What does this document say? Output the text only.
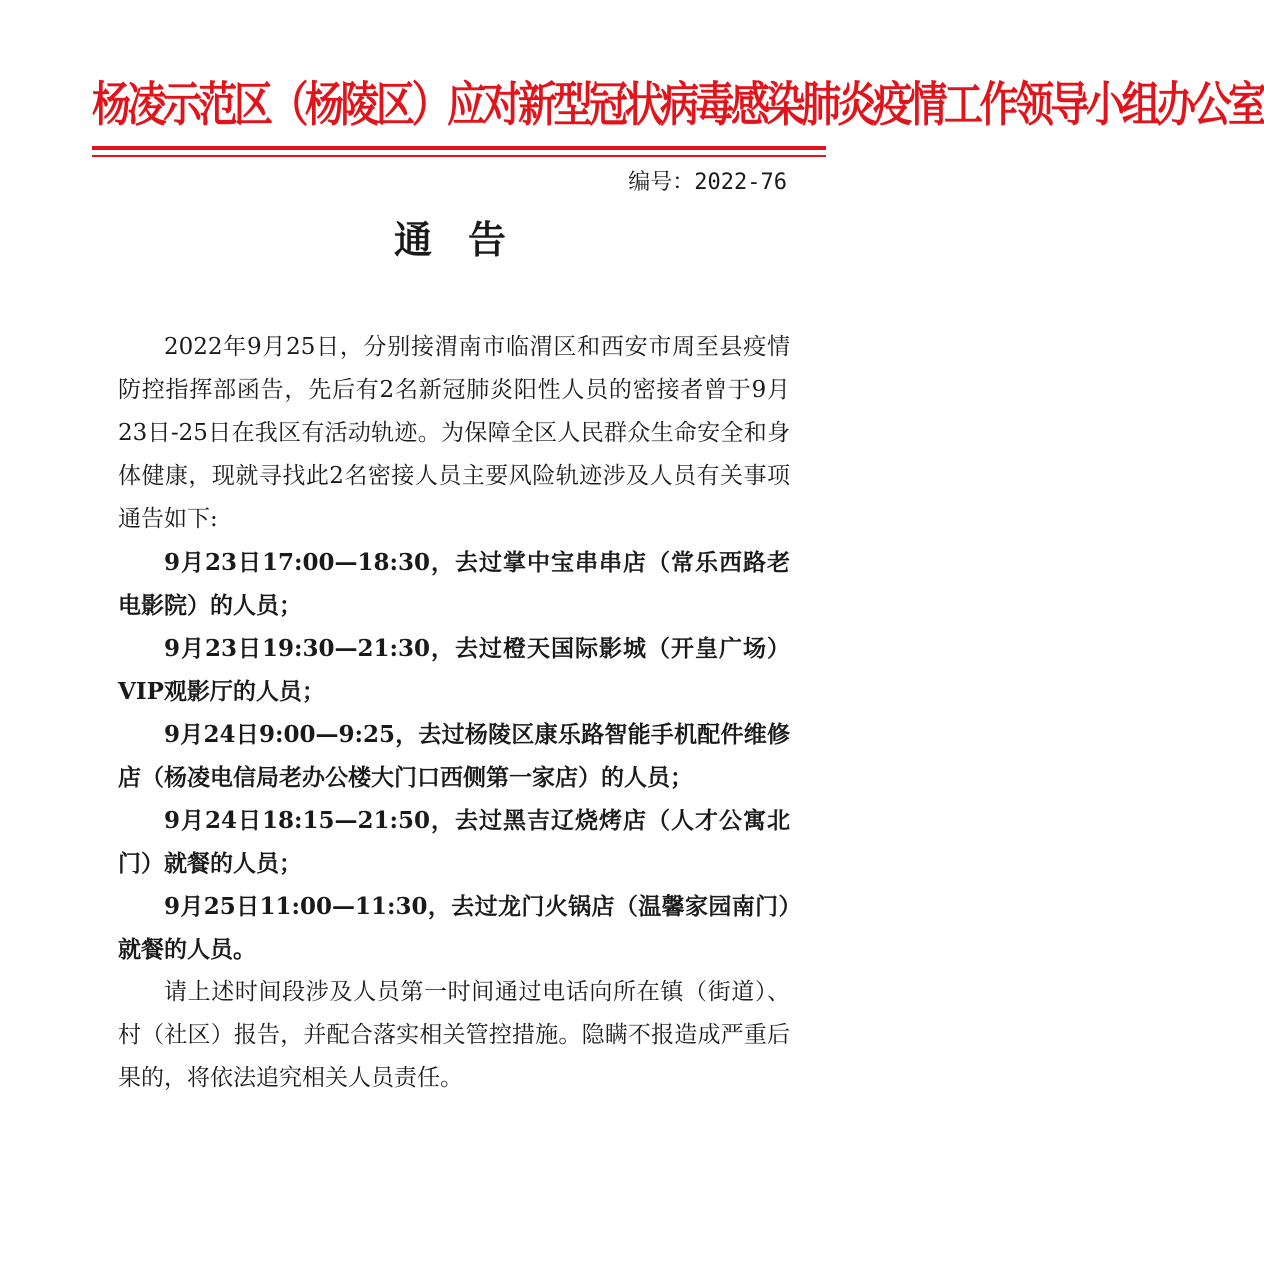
杨凌示范区（杨陵区）应对新型冠状病毒感染肺炎疫情工作领导小组办公室
编号：2022-76
通告

2022年9月25日，分别接渭南市临渭区和西安市周至县疫情防控指挥部函告，先后有2名新冠肺炎阳性人员的密接者曾于9月23日-25日在我区有活动轨迹。为保障全区人民群众生命安全和身体健康，现就寻找此2名密接人员主要风险轨迹涉及人员有关事项通告如下:

9月23日17:00—18:30，去过掌中宝串串店（常乐西路老电影院）的人员；

9月23日19:30—21:30，去过橙天国际影城（开皇广场）VIP观影厅的人员；

9月24日9:00—9:25，去过杨陵区康乐路智能手机配件维修店（杨凌电信局老办公楼大门口西侧第一家店）的人员；

9月24日18:15—21:50，去过黑吉辽烧烤店（人才公寓北门）就餐的人员；

9月25日11:00—11:30，去过龙门火锅店（温馨家园南门）就餐的人员。

请上述时间段涉及人员第一时间通过电话向所在镇（街道）、村（社区）报告，并配合落实相关管控措施。隐瞒不报造成严重后果的，将依法追究相关人员责任。
